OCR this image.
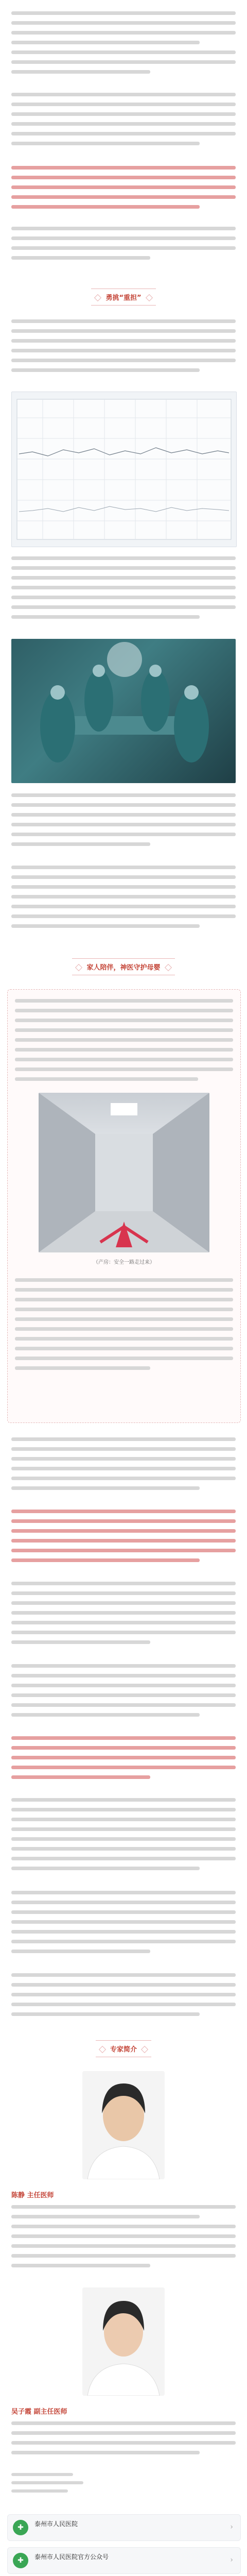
勇挑“重担”
家人陪伴，神医守护母婴
（产房：安全一路走过来）
专家简介
陈静 主任医师
吴子霞 副主任医师
✚	泰州市人民医院	›
✚	泰州市人民医院官方公众号	›
